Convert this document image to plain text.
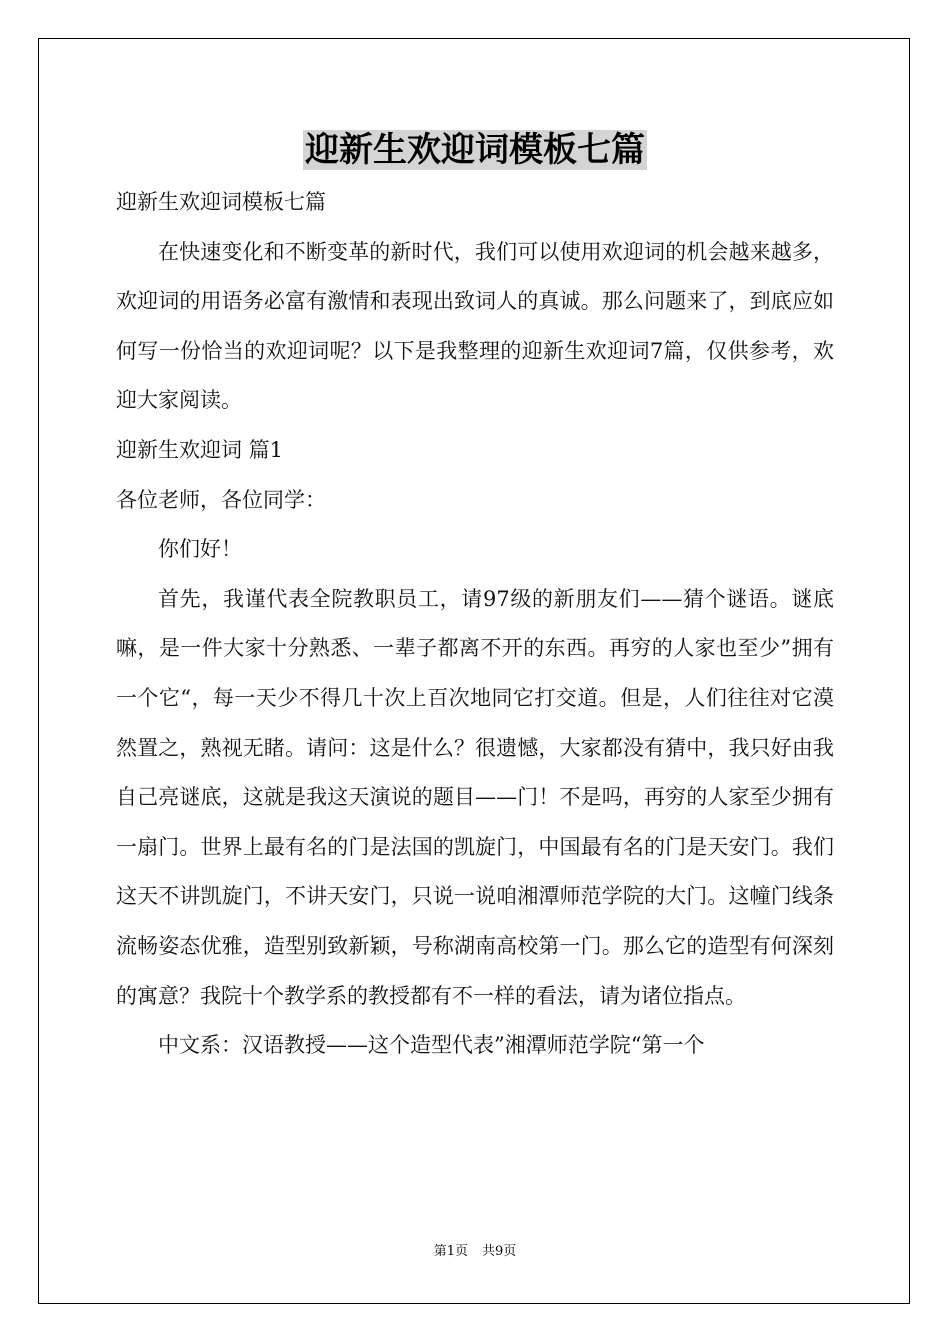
迎新生欢迎词模板七篇

迎新生欢迎词模板七篇

在快速变化和不断变革的新时代，我们可以使用欢迎词的机会越来越多，欢迎词的用语务必富有激情和表现出致词人的真诚。那么问题来了，到底应如何写一份恰当的欢迎词呢？以下是我整理的迎新生欢迎词7篇，仅供参考，欢迎大家阅读。

迎新生欢迎词 篇1

各位老师，各位同学：

你们好！

首先，我谨代表全院教职员工，请97级的新朋友们——猜个谜语。谜底嘛，是一件大家十分熟悉、一辈子都离不开的东西。再穷的人家也至少”拥有一个它“，每一天少不得几十次上百次地同它打交道。但是，人们往往对它漠然置之，熟视无睹。请问：这是什么？很遗憾，大家都没有猜中，我只好由我自己亮谜底，这就是我这天演说的题目——门！不是吗，再穷的人家至少拥有一扇门。世界上最有名的门是法国的凯旋门，中国最有名的门是天安门。我们这天不讲凯旋门，不讲天安门，只说一说咱湘潭师范学院的大门。这幢门线条流畅姿态优雅，造型别致新颖，号称湖南高校第一门。那么它的造型有何深刻的寓意？我院十个教学系的教授都有不一样的看法，请为诸位指点。

中文系：汉语教授——这个造型代表”湘潭师范学院“第一个

第1页 共9页
